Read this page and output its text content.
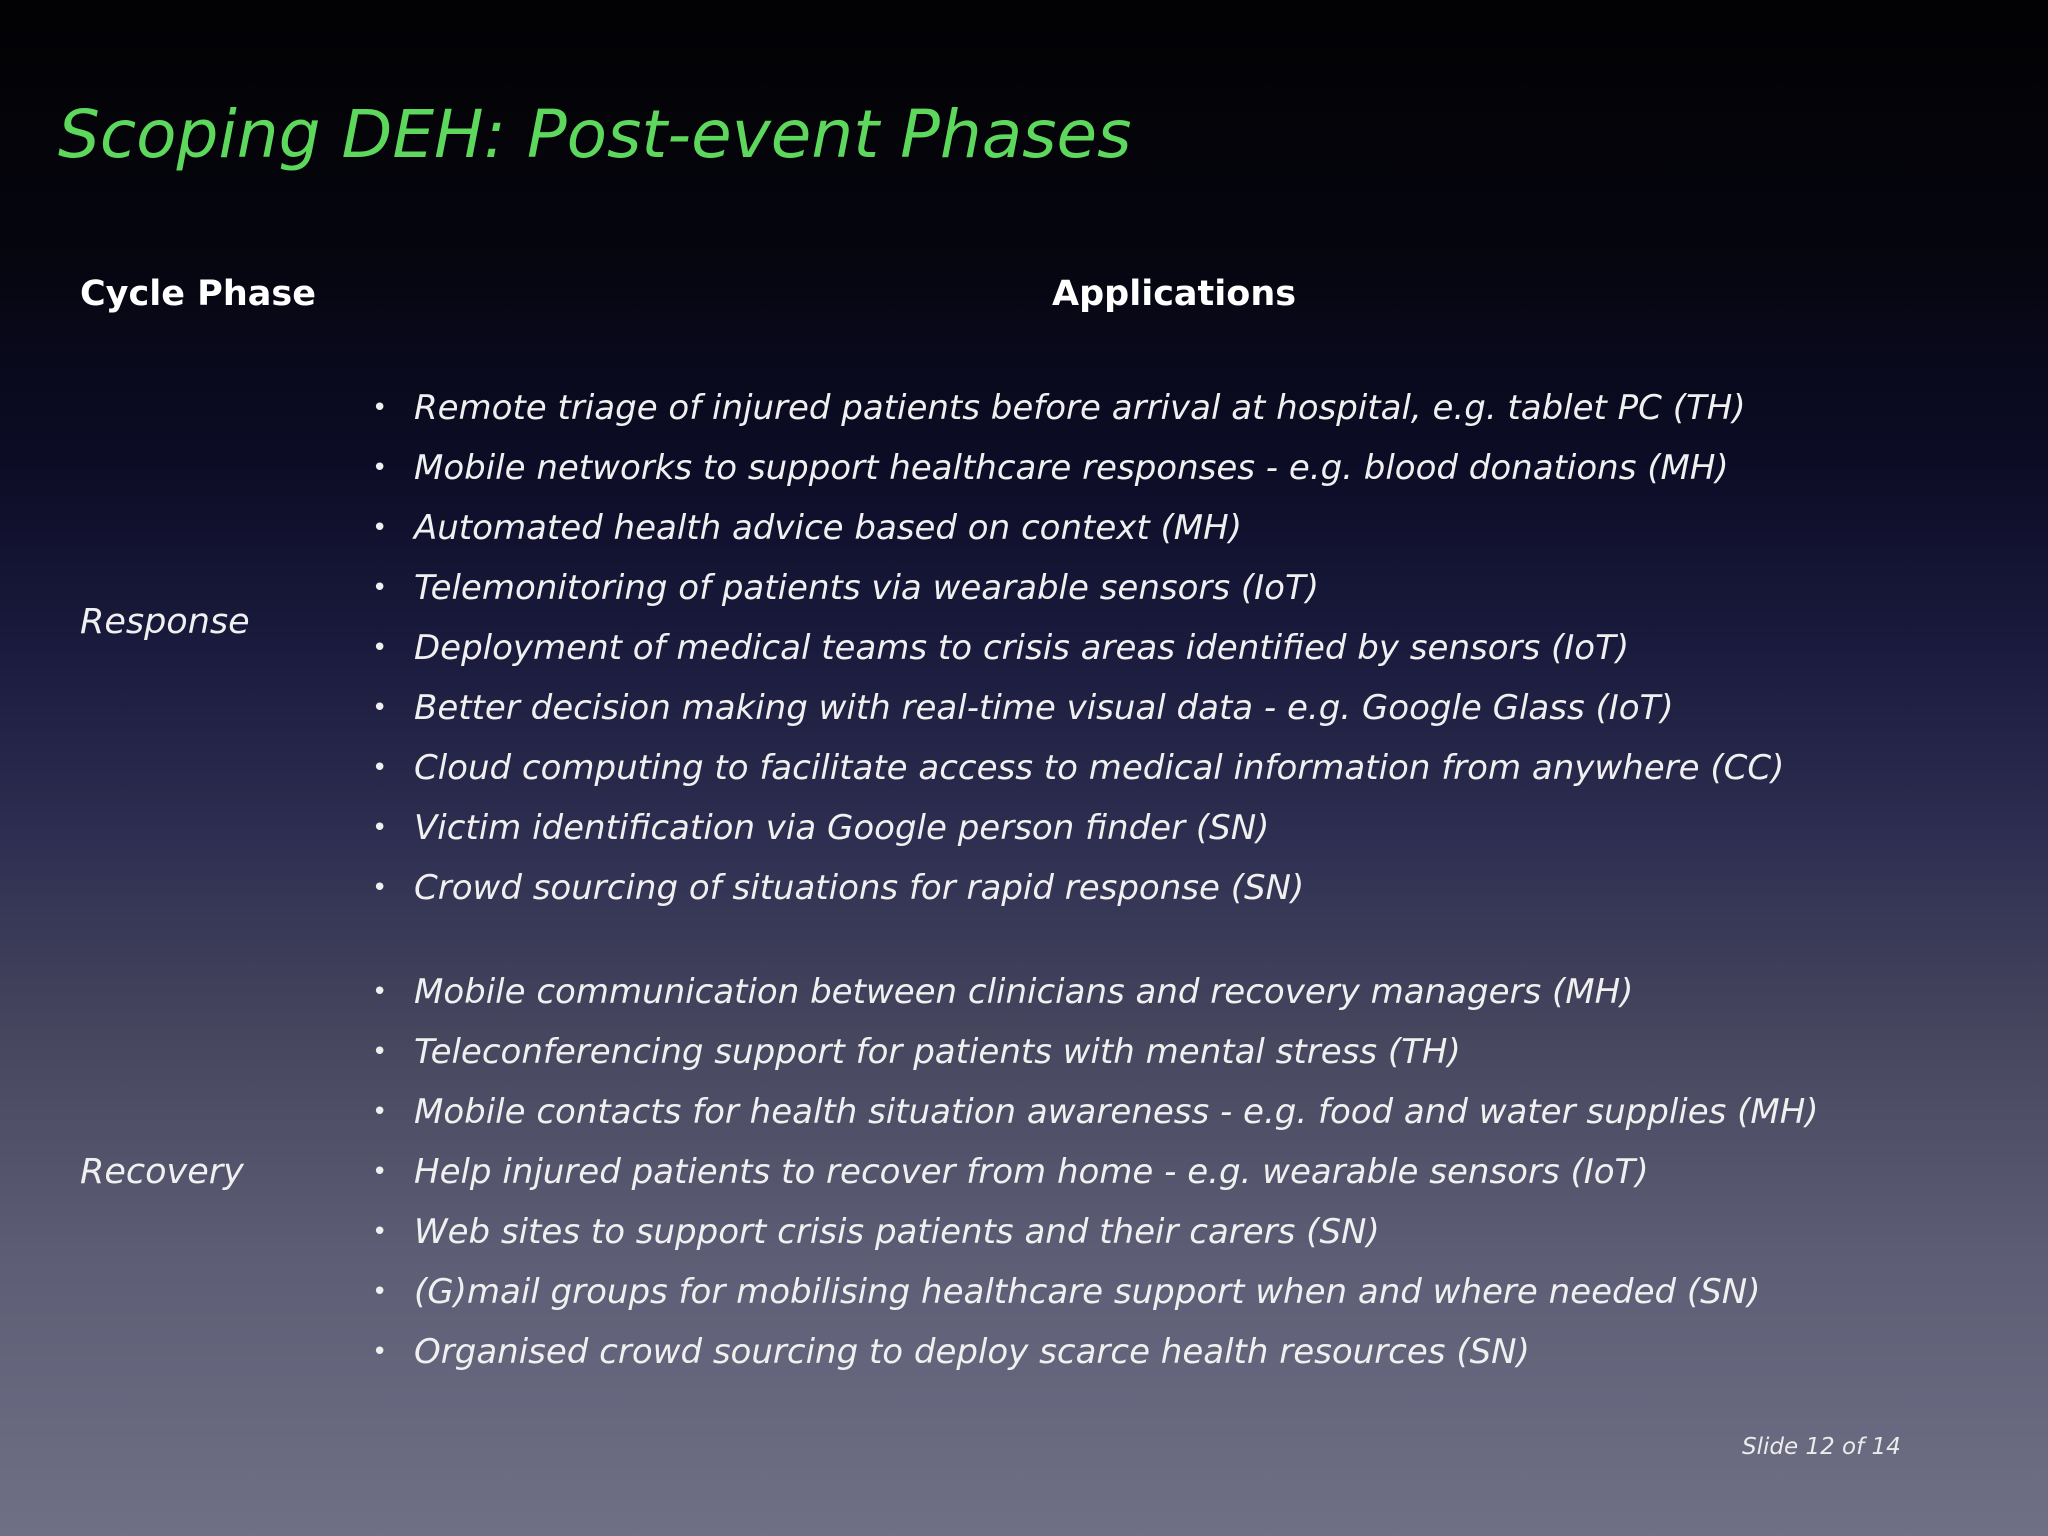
Scoping DEH: Post-event Phases
Cycle Phase	Applications
Response
• Remote triage of injured patients before arrival at hospital, e.g. tablet PC (TH)
• Mobile networks to support healthcare responses - e.g. blood donations (MH)
• Automated health advice based on context (MH)
• Telemonitoring of patients via wearable sensors (IoT)
• Deployment of medical teams to crisis areas identified by sensors (IoT)
• Better decision making with real-time visual data - e.g. Google Glass (IoT)
• Cloud computing to facilitate access to medical information from anywhere (CC)
• Victim identification via Google person finder (SN)
• Crowd sourcing of situations for rapid response (SN)
Recovery
• Mobile communication between clinicians and recovery managers (MH)
• Teleconferencing support for patients with mental stress (TH)
• Mobile contacts for health situation awareness - e.g. food and water supplies (MH)
• Help injured patients to recover from home - e.g. wearable sensors (IoT)
• Web sites to support crisis patients and their carers (SN)
• (G)mail groups for mobilising healthcare support when and where needed (SN)
• Organised crowd sourcing to deploy scarce health resources (SN)
Slide 12 of 14
